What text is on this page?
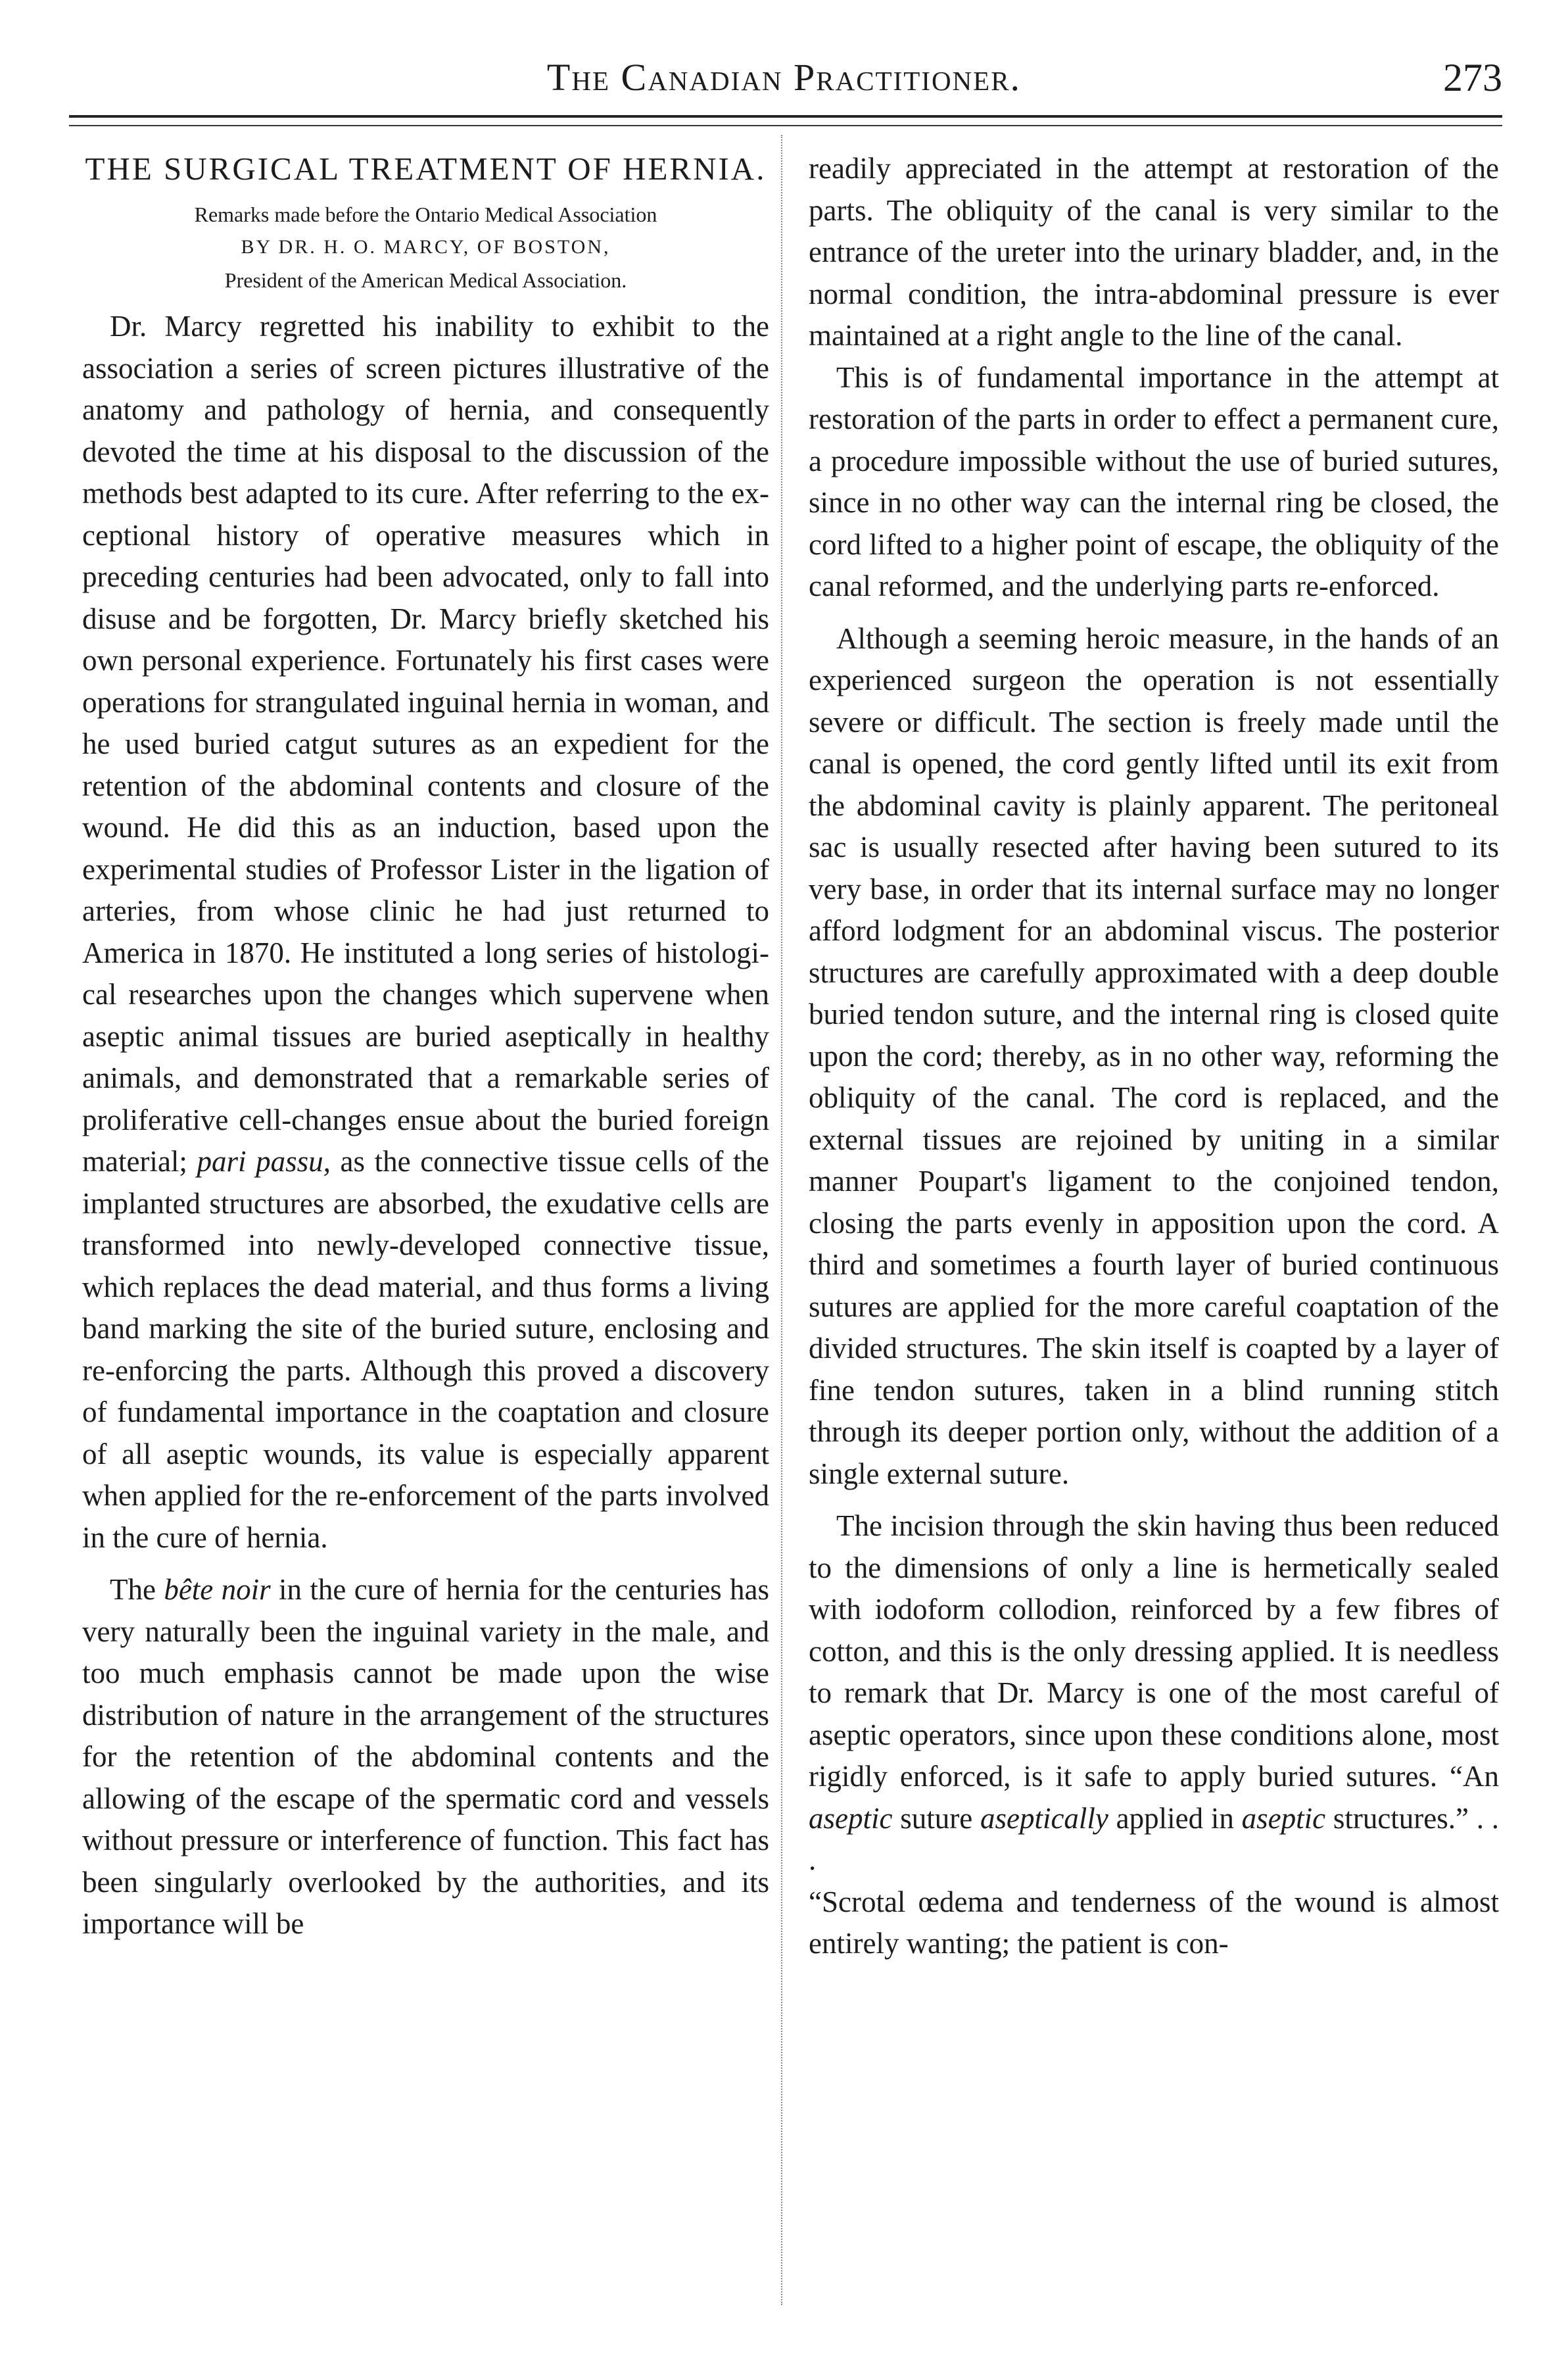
The Canadian Practitioner.	273
THE SURGICAL TREATMENT OF HERNIA.
Remarks made before the Ontario Medical Association
BY DR. H. O. MARCY, OF BOSTON,
President of the American Medical Association.

Dr. Marcy regretted his inability to exhibit to the association a series of screen pictures illustrative of the anatomy and pathology of hernia, and consequently devoted the time at his disposal to the discussion of the methods best adapted to its cure. After referring to the exceptional history of operative measures which in preceding centuries had been advocated, only to fall into disuse and be forgotten, Dr. Marcy briefly sketched his own personal experience. Fortunately his first cases were operations for strangulated inguinal hernia in woman, and he used buried catgut sutures as an expedient for the retention of the abdominal contents and closure of the wound. He did this as an induction, based upon the experimental studies of Professor Lister in the ligation of arteries, from whose clinic he had just returned to America in 1870. He instituted a long series of histological researches upon the changes which supervene when aseptic animal tissues are buried aseptically in healthy animals, and demonstrated that a remarkable series of proliferative cell-changes ensue about the buried foreign material; pari passu, as the connective tissue cells of the implanted structures are absorbed, the exudative cells are transformed into newly-developed connective tissue, which replaces the dead material, and thus forms a living band marking the site of the buried suture, enclosing and re-enforcing the parts. Although this proved a discovery of fundamental importance in the coaptation and closure of all aseptic wounds, its value is especially apparent when applied for the re-enforcement of the parts involved in the cure of hernia.

The bête noir in the cure of hernia for the centuries has very naturally been the inguinal variety in the male, and too much emphasis cannot be made upon the wise distribution of nature in the arrangement of the structures for the retention of the abdominal contents and the allowing of the escape of the spermatic cord and vessels without pressure or interference of function. This fact has been singularly overlooked by the authorities, and its importance will be

readily appreciated in the attempt at restoration of the parts. The obliquity of the canal is very similar to the entrance of the ureter into the urinary bladder, and, in the normal condition, the intra-abdominal pressure is ever maintained at a right angle to the line of the canal.

This is of fundamental importance in the attempt at restoration of the parts in order to effect a permanent cure, a procedure impossible without the use of buried sutures, since in no other way can the internal ring be closed, the cord lifted to a higher point of escape, the obliquity of the canal reformed, and the underlying parts re-enforced.

Although a seeming heroic measure, in the hands of an experienced surgeon the operation is not essentially severe or difficult. The section is freely made until the canal is opened, the cord gently lifted until its exit from the abdominal cavity is plainly apparent. The peritoneal sac is usually resected after having been sutured to its very base, in order that its internal surface may no longer afford lodgment for an abdominal viscus. The posterior structures are carefully approximated with a deep double buried tendon suture, and the internal ring is closed quite upon the cord; thereby, as in no other way, reforming the obliquity of the canal. The cord is replaced, and the external tissues are rejoined by uniting in a similar manner Poupart's ligament to the conjoined tendon, closing the parts evenly in apposition upon the cord. A third and sometimes a fourth layer of buried continuous sutures are applied for the more careful coaptation of the divided structures. The skin itself is coapted by a layer of fine tendon sutures, taken in a blind running stitch through its deeper portion only, without the addition of a single external suture.

The incision through the skin having thus been reduced to the dimensions of only a line is hermetically sealed with iodoform collodion, reinforced by a few fibres of cotton, and this is the only dressing applied. It is needless to remark that Dr. Marcy is one of the most careful of aseptic operators, since upon these conditions alone, most rigidly enforced, is it safe to apply buried sutures. “An aseptic suture aseptically applied in aseptic structures.” . . .

“Scrotal œdema and tenderness of the wound is almost entirely wanting; the patient is con-
